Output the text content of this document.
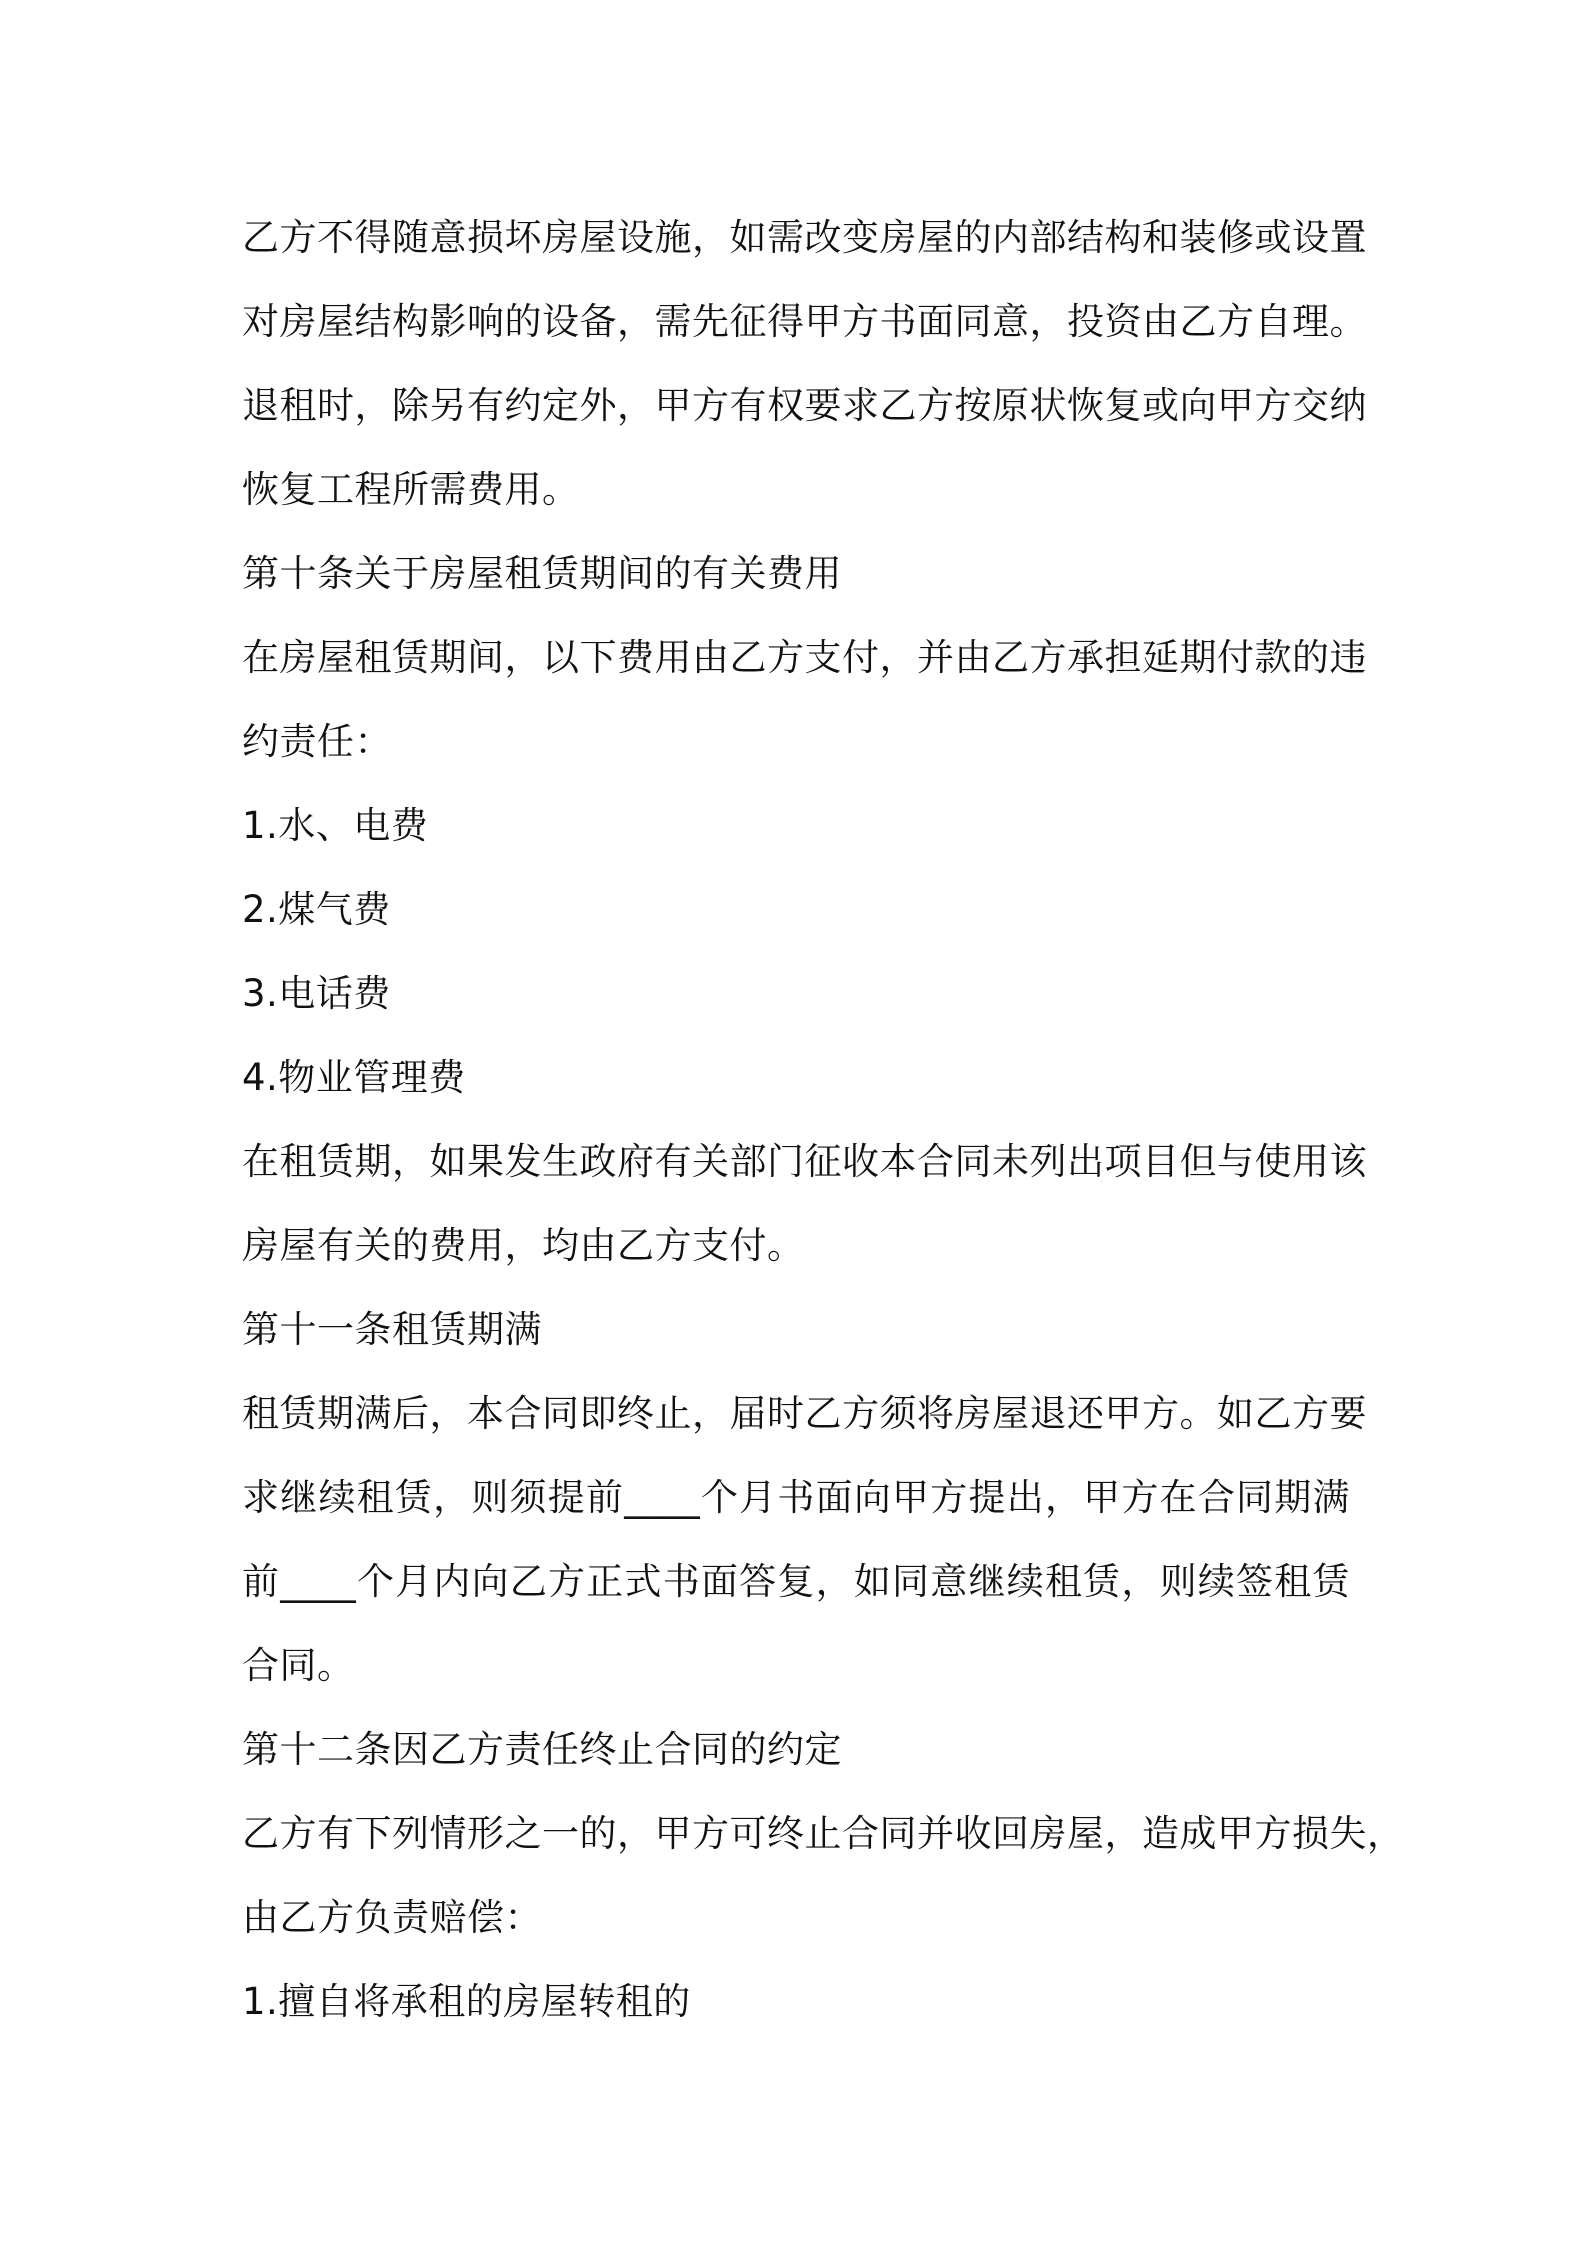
乙方不得随意损坏房屋设施，如需改变房屋的内部结构和装修或设置
对房屋结构影响的设备，需先征得甲方书面同意，投资由乙方自理。
退租时，除另有约定外，甲方有权要求乙方按原状恢复或向甲方交纳
恢复工程所需费用。
第十条关于房屋租赁期间的有关费用
在房屋租赁期间，以下费用由乙方支付，并由乙方承担延期付款的违
约责任：
1.水、电费
2.煤气费
3.电话费
4.物业管理费
在租赁期，如果发生政府有关部门征收本合同未列出项目但与使用该
房屋有关的费用，均由乙方支付。
第十一条租赁期满
租赁期满后，本合同即终止，届时乙方须将房屋退还甲方。如乙方要
求继续租赁，则须提前____个月书面向甲方提出，甲方在合同期满
前____个月内向乙方正式书面答复，如同意继续租赁，则续签租赁
合同。
第十二条因乙方责任终止合同的约定
乙方有下列情形之一的，甲方可终止合同并收回房屋，造成甲方损失，
由乙方负责赔偿：
1.擅自将承租的房屋转租的
